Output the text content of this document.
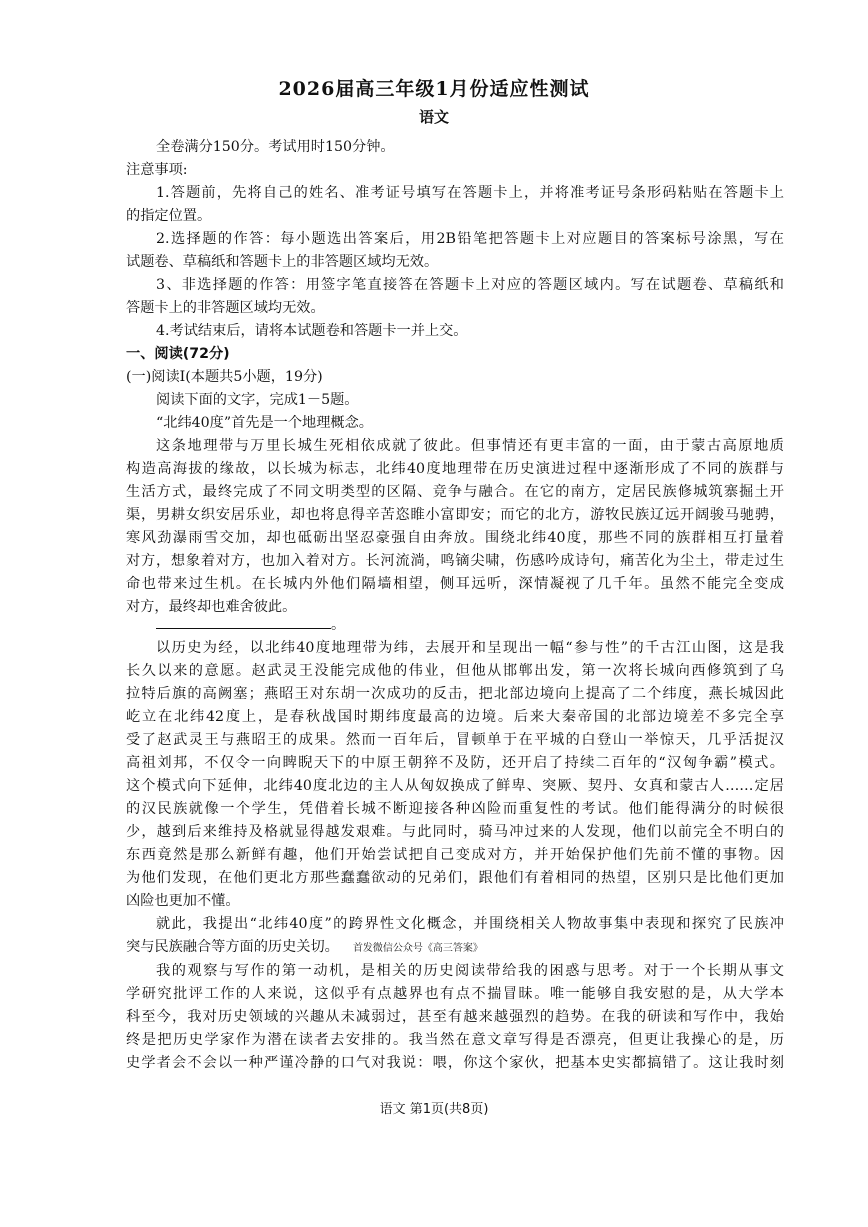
2026届高三年级1月份适应性测试
语文
全卷满分150分。考试用时150分钟。
注意事项:
1.答题前，先将自己的姓名、准考证号填写在答题卡上，并将准考证号条形码粘贴在答题卡上
的指定位置。
2.选择题的作答：每小题选出答案后，用2B铅笔把答题卡上对应题目的答案标号涂黑，写在
试题卷、草稿纸和答题卡上的非答题区域均无效。
3、非选择题的作答：用签字笔直接答在答题卡上对应的答题区域内。写在试题卷、草稿纸和
答题卡上的非答题区域均无效。
4.考试结束后，请将本试题卷和答题卡一并上交。
一、阅读(72分)
(一)阅读Ⅰ(本题共5小题，19分)
阅读下面的文字，完成1－5题。
“北纬40度”首先是一个地理概念。
这条地理带与万里长城生死相依成就了彼此。但事情还有更丰富的一面，由于蒙古高原地质
构造高海拔的缘故，以长城为标志，北纬40度地理带在历史演进过程中逐渐形成了不同的族群与
生活方式，最终完成了不同文明类型的区隔、竞争与融合。在它的南方，定居民族修城筑寨掘土开
渠，男耕女织安居乐业，却也将息得辛苦恣睢小富即安；而它的北方，游牧民族辽远开阔骏马驰骋，
寒风劲瀑雨雪交加，却也砥砺出坚忍豪强自由奔放。围绕北纬40度，那些不同的族群相互打量着
对方，想象着对方，也加入着对方。长河流淌，鸣镝尖啸，伤感吟成诗句，痛苦化为尘土，带走过生
命也带来过生机。在长城内外他们隔墙相望，侧耳远听，深情凝视了几千年。虽然不能完全变成
对方，最终却也难舍彼此。
。
以历史为经，以北纬40度地理带为纬，去展开和呈现出一幅“参与性”的千古江山图，这是我
长久以来的意愿。赵武灵王没能完成他的伟业，但他从邯郸出发，第一次将长城向西修筑到了乌
拉特后旗的高阙塞；燕昭王对东胡一次成功的反击，把北部边境向上提高了二个纬度，燕长城因此
屹立在北纬42度上，是春秋战国时期纬度最高的边境。后来大秦帝国的北部边境差不多完全享
受了赵武灵王与燕昭王的成果。然而一百年后，冒顿单于在平城的白登山一举惊天，几乎活捉汉
高祖刘邦，不仅令一向睥睨天下的中原王朝猝不及防，还开启了持续二百年的“汉匈争霸”模式。
这个模式向下延伸，北纬40度北边的主人从匈奴换成了鲜卑、突厥、契丹、女真和蒙古人……定居
的汉民族就像一个学生，凭借着长城不断迎接各种凶险而重复性的考试。他们能得满分的时候很
少，越到后来维持及格就显得越发艰难。与此同时，骑马冲过来的人发现，他们以前完全不明白的
东西竟然是那么新鲜有趣，他们开始尝试把自己变成对方，并开始保护他们先前不懂的事物。因
为他们发现，在他们更北方那些蠢蠢欲动的兄弟们，跟他们有着相同的热望，区别只是比他们更加
凶险也更加不懂。
就此，我提出“北纬40度”的跨界性文化概念，并围绕相关人物故事集中表现和探究了民族冲
突与民族融合等方面的历史关切。 首发微信公众号《高三答案》
我的观察与写作的第一动机，是相关的历史阅读带给我的困惑与思考。对于一个长期从事文
学研究批评工作的人来说，这似乎有点越界也有点不揣冒昧。唯一能够自我安慰的是，从大学本
科至今，我对历史领域的兴趣从未减弱过，甚至有越来越强烈的趋势。在我的研读和写作中，我始
终是把历史学家作为潜在读者去安排的。我当然在意文章写得是否漂亮，但更让我操心的是，历
史学者会不会以一种严谨冷静的口气对我说：喂，你这个家伙，把基本史实都搞错了。这让我时刻
语文 第1页(共8页)
